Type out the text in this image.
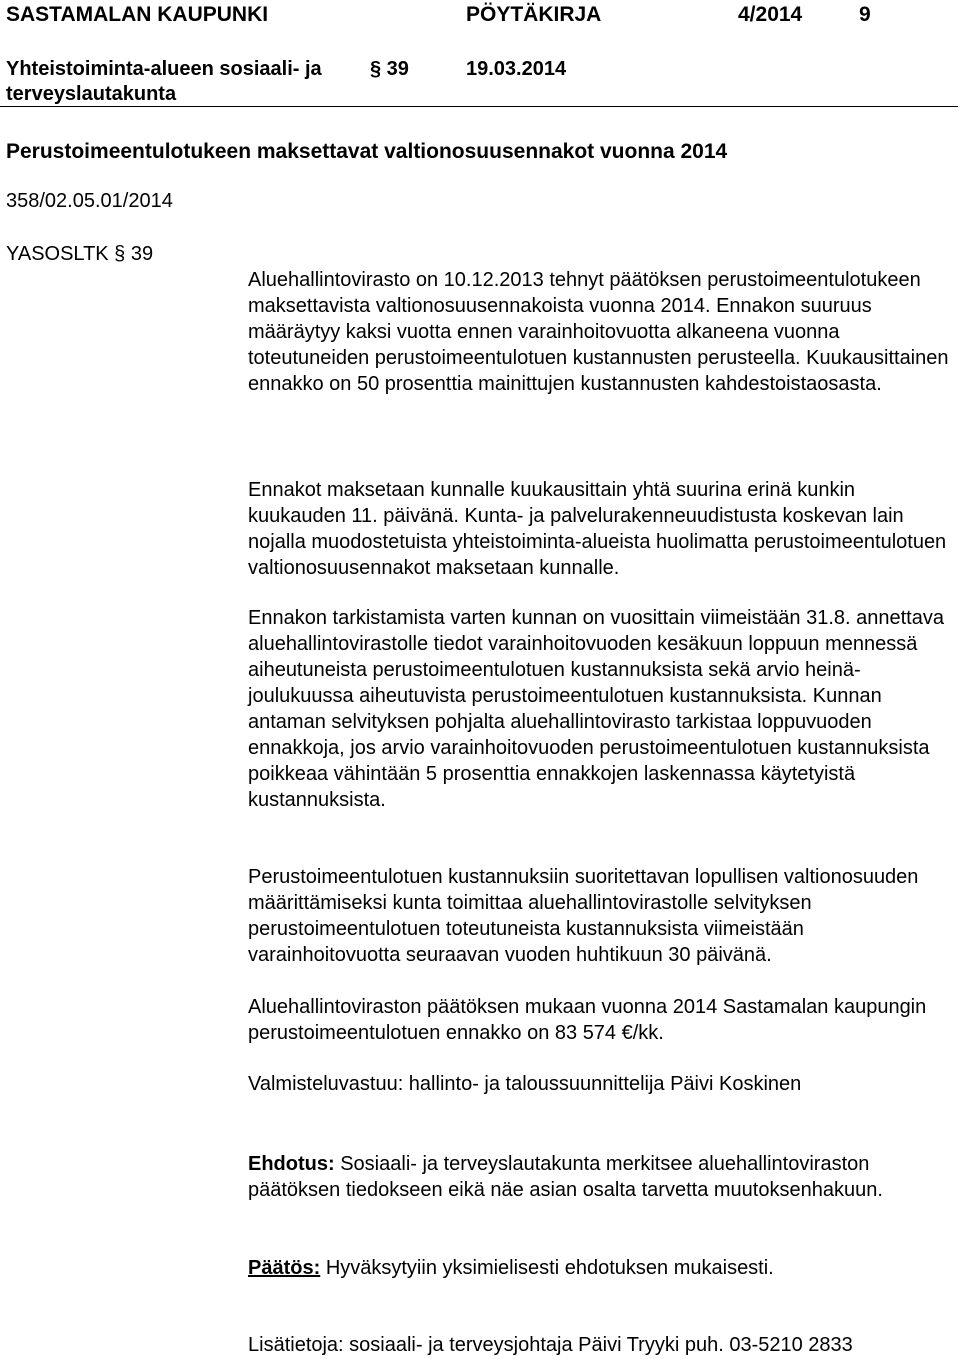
SASTAMALAN KAUPUNKI	PÖYTÄKIRJA	4/2014	9
Yhteistoiminta-alueen sosiaali- ja
terveyslautakunta
§ 39	19.03.2014
Perustoimeentulotukeen maksettavat valtionosuusennakot vuonna 2014
358/02.05.01/2014
YASOSLTK § 39

Aluehallintovirasto on 10.12.2013 tehnyt päätöksen perustoimeentulotukeen maksettavista valtionosuusennakoista vuonna 2014. Ennakon suuruus määräytyy kaksi vuotta ennen varainhoitovuotta alkaneena vuonna toteutuneiden perustoimeentulotuen kustannusten perusteella. Kuukausittainen ennakko on 50 prosenttia mainittujen kustannusten kahdestoistaosasta.

Ennakot maksetaan kunnalle kuukausittain yhtä suurina erinä kunkin kuukauden 11. päivänä. Kunta- ja palvelurakenneuudistusta koskevan lain nojalla muodostetuista yhteistoiminta-alueista huolimatta perustoimeentulotuen valtionosuusennakot maksetaan kunnalle.

Ennakon tarkistamista varten kunnan on vuosittain viimeistään 31.8. annettava aluehallintovirastolle tiedot varainhoitovuoden kesäkuun loppuun mennessä aiheutuneista perustoimeentulotuen kustannuksista sekä arvio heinä-joulukuussa aiheutuvista perustoimeentulotuen kustannuksista. Kunnan antaman selvityksen pohjalta aluehallintovirasto tarkistaa loppuvuoden ennakkoja, jos arvio varainhoitovuoden perustoimeentulotuen kustannuksista poikkeaa vähintään 5 prosenttia ennakkojen laskennassa käytetyistä kustannuksista.

Perustoimeentulotuen kustannuksiin suoritettavan lopullisen valtionosuuden määrittämiseksi kunta toimittaa aluehallintovirastolle selvityksen perustoimeentulotuen toteutuneista kustannuksista viimeistään varainhoitovuotta seuraavan vuoden huhtikuun 30 päivänä.

Aluehallintoviraston päätöksen mukaan vuonna 2014 Sastamalan kaupungin perustoimeentulotuen ennakko on 83 574 €/kk.

Valmisteluvastuu: hallinto- ja taloussuunnittelija Päivi Koskinen

Ehdotus: Sosiaali- ja terveyslautakunta merkitsee aluehallintoviraston päätöksen tiedokseen eikä näe asian osalta tarvetta muutoksenhakuun.

Päätös: Hyväksytyiin yksimielisesti ehdotuksen mukaisesti.

Lisätietoja: sosiaali- ja terveysjohtaja Päivi Tryyki puh. 03-5210 2833
